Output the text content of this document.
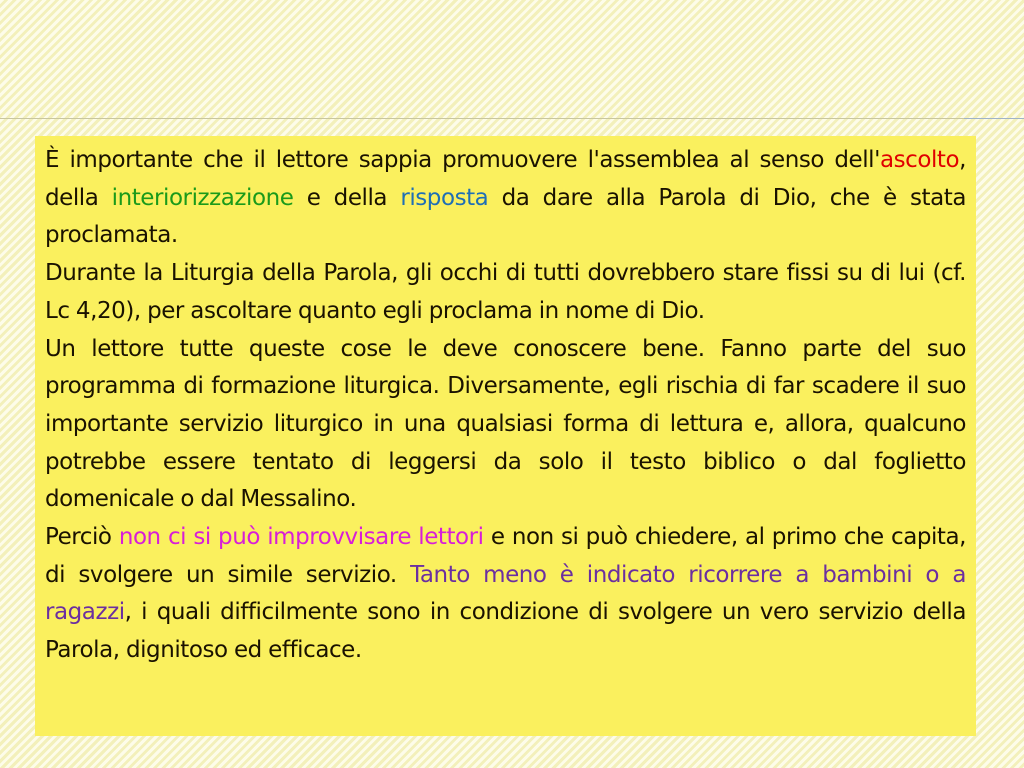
È importante che il lettore sappia promuovere l'assemblea al senso dell'ascolto, della interiorizzazione e della risposta da dare alla Parola di Dio, che è stata proclamata.

Durante la Liturgia della Parola, gli occhi di tutti dovrebbero stare fissi su di lui (cf. Lc 4,20), per ascoltare quanto egli proclama in nome di Dio.

Un lettore tutte queste cose le deve conoscere bene. Fanno parte del suo programma di formazione liturgica. Diversamente, egli rischia di far scadere il suo importante servizio liturgico in una qualsiasi forma di lettura e, allora, qualcuno potrebbe essere tentato di leggersi da solo il testo biblico o dal foglietto domenicale o dal Messalino.

Perciò non ci si può improvvisare lettori e non si può chiedere, al primo che capita, di svolgere un simile servizio. Tanto meno è indicato ricorrere a bambini o a ragazzi, i quali difficilmente sono in condizione di svolgere un vero servizio della Parola, dignitoso ed efficace.
